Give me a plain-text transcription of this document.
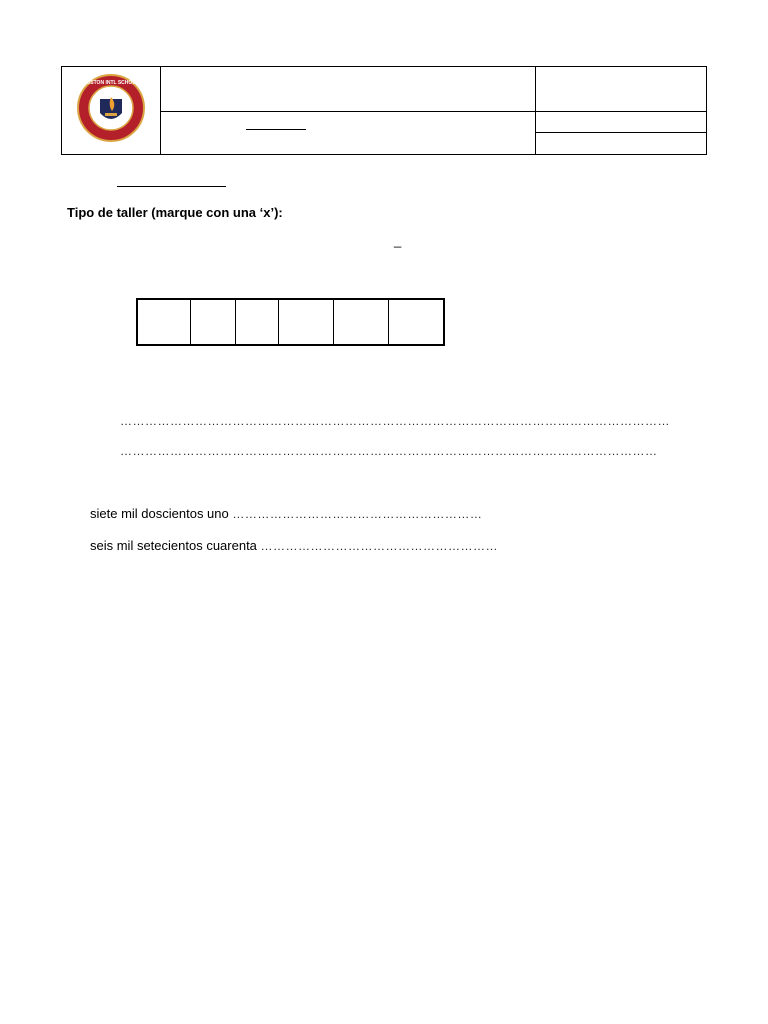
BOSTON INTL SCHOOL		

Tipo de taller (marque con una ‘x’):
_

……………………………………………………………………………………………………………………
…………………………………………………………………………………………………………………
siete mil doscientos uno ……………………………………………………
seis mil setecientos cuarenta …………………………………………………
